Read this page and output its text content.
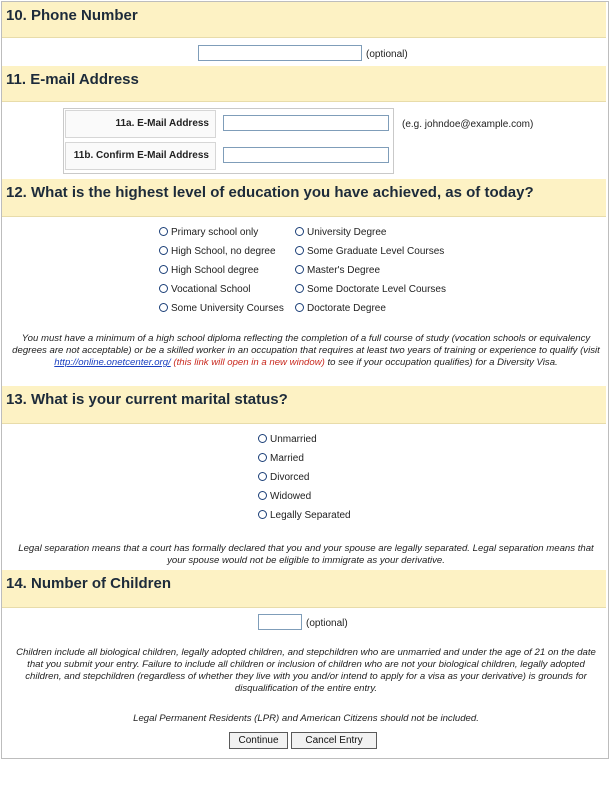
10. Phone Number
(optional)
11. E-mail Address
11a. E-Mail Address
11b. Confirm E-Mail Address
(e.g. johndoe@example.com)
12. What is the highest level of education you have achieved, as of today?
Primary school only
High School, no degree
High School degree
Vocational School
Some University Courses
University Degree
Some Graduate Level Courses
Master's Degree
Some Doctorate Level Courses
Doctorate Degree
You must have a minimum of a high school diploma reflecting the completion of a full course of study (vocation schools or equivalency degrees are not acceptable) or be a skilled worker in an occupation that requires at least two years of training or experience to qualify (visit http://online.onetcenter.org/ (this link will open in a new window) to see if your occupation qualifies) for a Diversity Visa.
13. What is your current marital status?
Unmarried
Married
Divorced
Widowed
Legally Separated
Legal separation means that a court has formally declared that you and your spouse are legally separated. Legal separation means that your spouse would not be eligible to immigrate as your derivative.
14. Number of Children
(optional)
Children include all biological children, legally adopted children, and stepchildren who are unmarried and under the age of 21 on the date that you submit your entry. Failure to include all children or inclusion of children who are not your biological children, legally adopted children, and stepchildren (regardless of whether they live with you and/or intend to apply for a visa as your derivative) is grounds for disqualification of the entire entry.
Legal Permanent Residents (LPR) and American Citizens should not be included.
Continue	Cancel Entry
